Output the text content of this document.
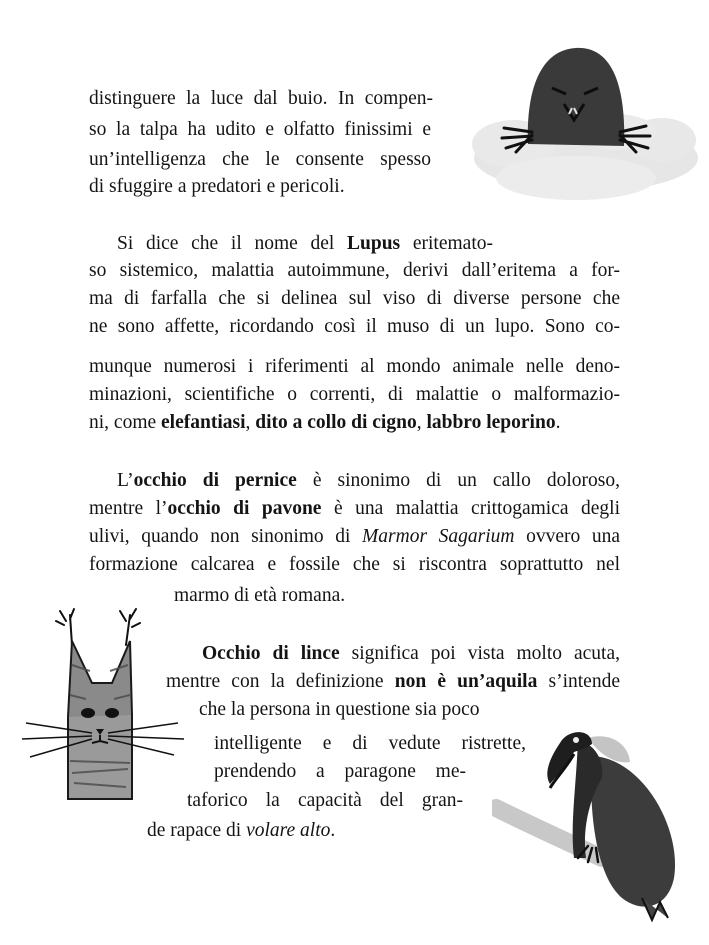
distinguere la luce dal buio. In compen-
so la talpa ha udito e olfatto finissimi e
un’intelligenza che le consente spesso
di sfuggire a predatori e pericoli.
Si dice che il nome del Lupus eritemato-
so sistemico, malattia autoimmune, derivi dall’eritema a for-
ma di farfalla che si delinea sul viso di diverse persone che
ne sono affette, ricordando così il muso di un lupo. Sono co-
munque numerosi i riferimenti al mondo animale nelle deno-
minazioni, scientifiche o correnti, di malattie o malformazio-
ni, come elefantiasi, dito a collo di cigno, labbro leporino.
L’occhio di pernice è sinonimo di un callo doloroso,
mentre l’occhio di pavone è una malattia crittogamica degli
ulivi, quando non sinonimo di Marmor Sagarium ovvero una
formazione calcarea e fossile che si riscontra soprattutto nel
marmo di età romana.
Occhio di lince significa poi vista molto acuta,
mentre con la definizione non è un’aquila s’intende
che la persona in questione sia poco
intelligente e di vedute ristrette,
prendendo a paragone me-
taforico la capacità del gran-
de rapace di volare alto.
